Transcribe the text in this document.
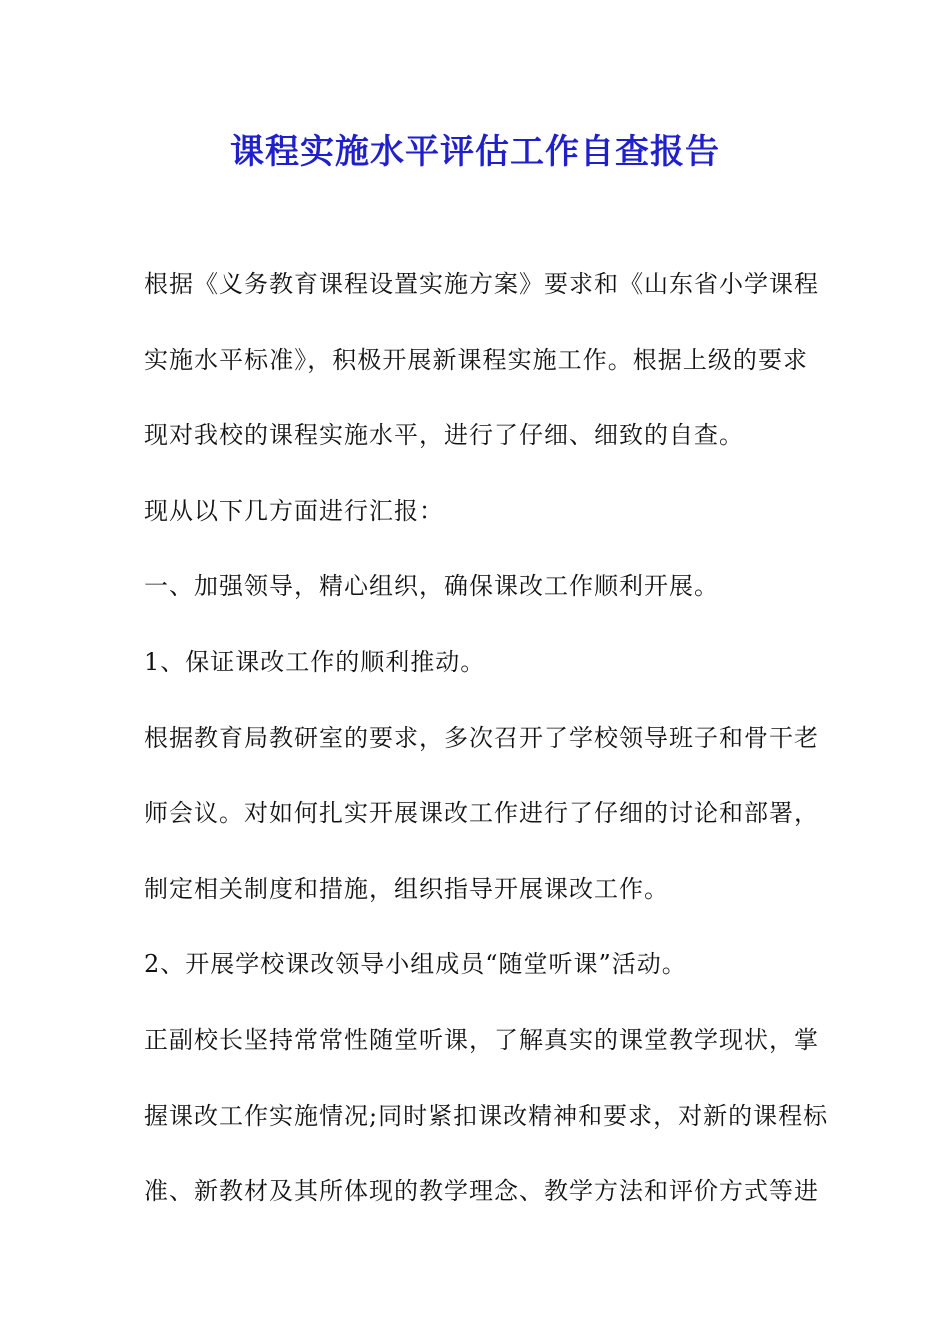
课程实施水平评估工作自查报告
根据《义务教育课程设置实施方案》要求和《山东省小学课程
实施水平标准》，积极开展新课程实施工作。根据上级的要求
现对我校的课程实施水平，进行了仔细、细致的自查。
现从以下几方面进行汇报：
一、加强领导，精心组织，确保课改工作顺利开展。
1、保证课改工作的顺利推动。
根据教育局教研室的要求，多次召开了学校领导班子和骨干老
师会议。对如何扎实开展课改工作进行了仔细的讨论和部署，
制定相关制度和措施，组织指导开展课改工作。
2、开展学校课改领导小组成员“随堂听课”活动。
正副校长坚持常常性随堂听课，了解真实的课堂教学现状，掌
握课改工作实施情况;同时紧扣课改精神和要求，对新的课程标
准、新教材及其所体现的教学理念、教学方法和评价方式等进
